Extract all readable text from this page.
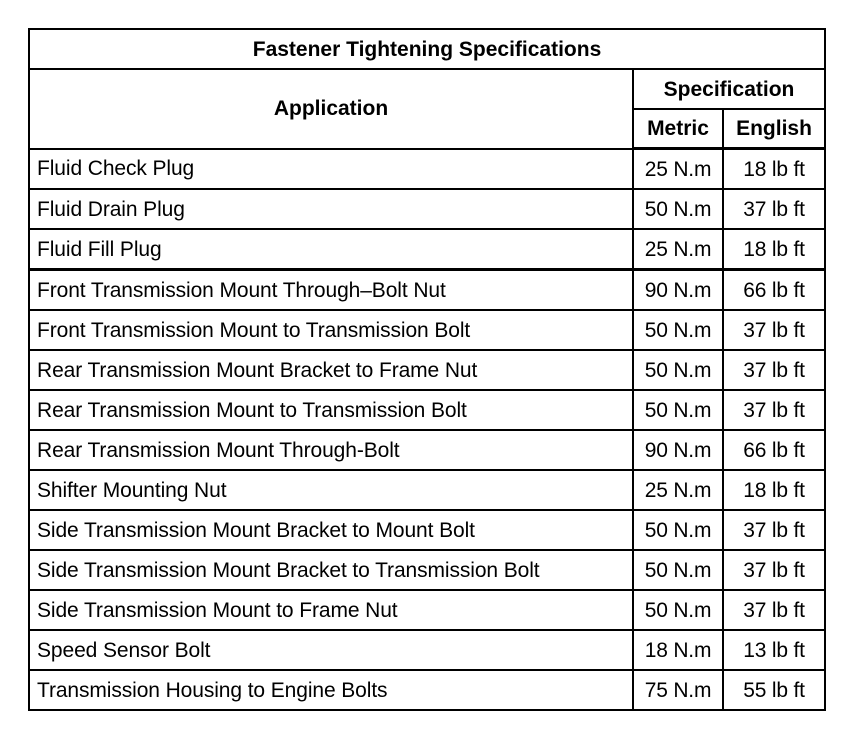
Fastener Tightening Specifications		
Application	Specification	
	Metric	English
Fluid Check Plug	25 N.m	18 lb ft
Fluid Drain Plug	50 N.m	37 lb ft
Fluid Fill Plug	25 N.m	18 lb ft
Front Transmission Mount Through–Bolt Nut	90 N.m	66 lb ft
Front Transmission Mount to Transmission Bolt	50 N.m	37 lb ft
Rear Transmission Mount Bracket to Frame Nut	50 N.m	37 lb ft
Rear Transmission Mount to Transmission Bolt	50 N.m	37 lb ft
Rear Transmission Mount Through-Bolt	90 N.m	66 lb ft
Shifter Mounting Nut	25 N.m	18 lb ft
Side Transmission Mount Bracket to Mount Bolt	50 N.m	37 lb ft
Side Transmission Mount Bracket to Transmission Bolt	50 N.m	37 lb ft
Side Transmission Mount to Frame Nut	50 N.m	37 lb ft
Speed Sensor Bolt	18 N.m	13 lb ft
Transmission Housing to Engine Bolts	75 N.m	55 lb ft
